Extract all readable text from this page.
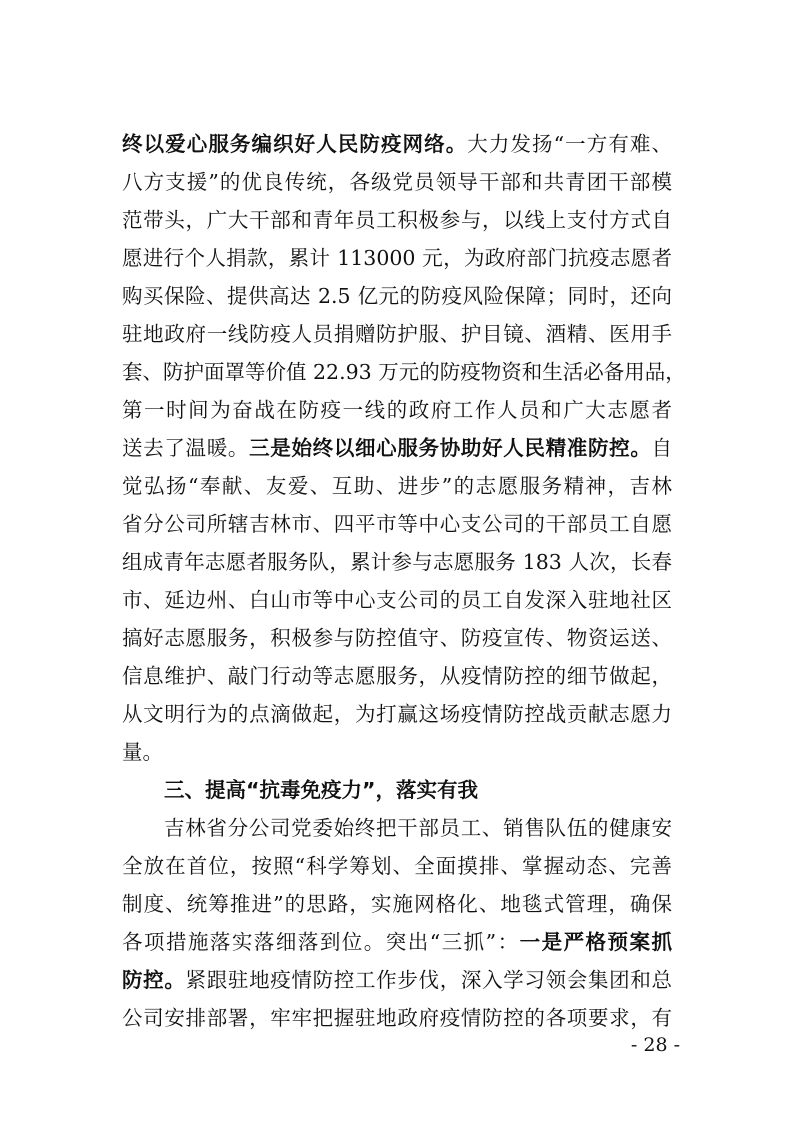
终以爱心服务编织好人民防疫网络。大力发扬“一方有难、
八方支援”的优良传统，各级党员领导干部和共青团干部模
范带头，广大干部和青年员工积极参与，以线上支付方式自
愿进行个人捐款，累计 113000 元，为政府部门抗疫志愿者
购买保险、提供高达 2.5 亿元的防疫风险保障；同时，还向
驻地政府一线防疫人员捐赠防护服、护目镜、酒精、医用手
套、防护面罩等价值 22.93 万元的防疫物资和生活必备用品，
第一时间为奋战在防疫一线的政府工作人员和广大志愿者
送去了温暖。三是始终以细心服务协助好人民精准防控。自
觉弘扬“奉献、友爱、互助、进步”的志愿服务精神，吉林
省分公司所辖吉林市、四平市等中心支公司的干部员工自愿
组成青年志愿者服务队，累计参与志愿服务 183 人次，长春
市、延边州、白山市等中心支公司的员工自发深入驻地社区
搞好志愿服务，积极参与防控值守、防疫宣传、物资运送、
信息维护、敲门行动等志愿服务，从疫情防控的细节做起，
从文明行为的点滴做起，为打赢这场疫情防控战贡献志愿力
量。
三、提高“抗毒免疫力”，落实有我
吉林省分公司党委始终把干部员工、销售队伍的健康安
全放在首位，按照“科学筹划、全面摸排、掌握动态、完善
制度、统筹推进”的思路，实施网格化、地毯式管理，确保
各项措施落实落细落到位。突出“三抓”：一是严格预案抓
防控。紧跟驻地疫情防控工作步伐，深入学习领会集团和总
公司安排部署，牢牢把握驻地政府疫情防控的各项要求，有
- 28 -
